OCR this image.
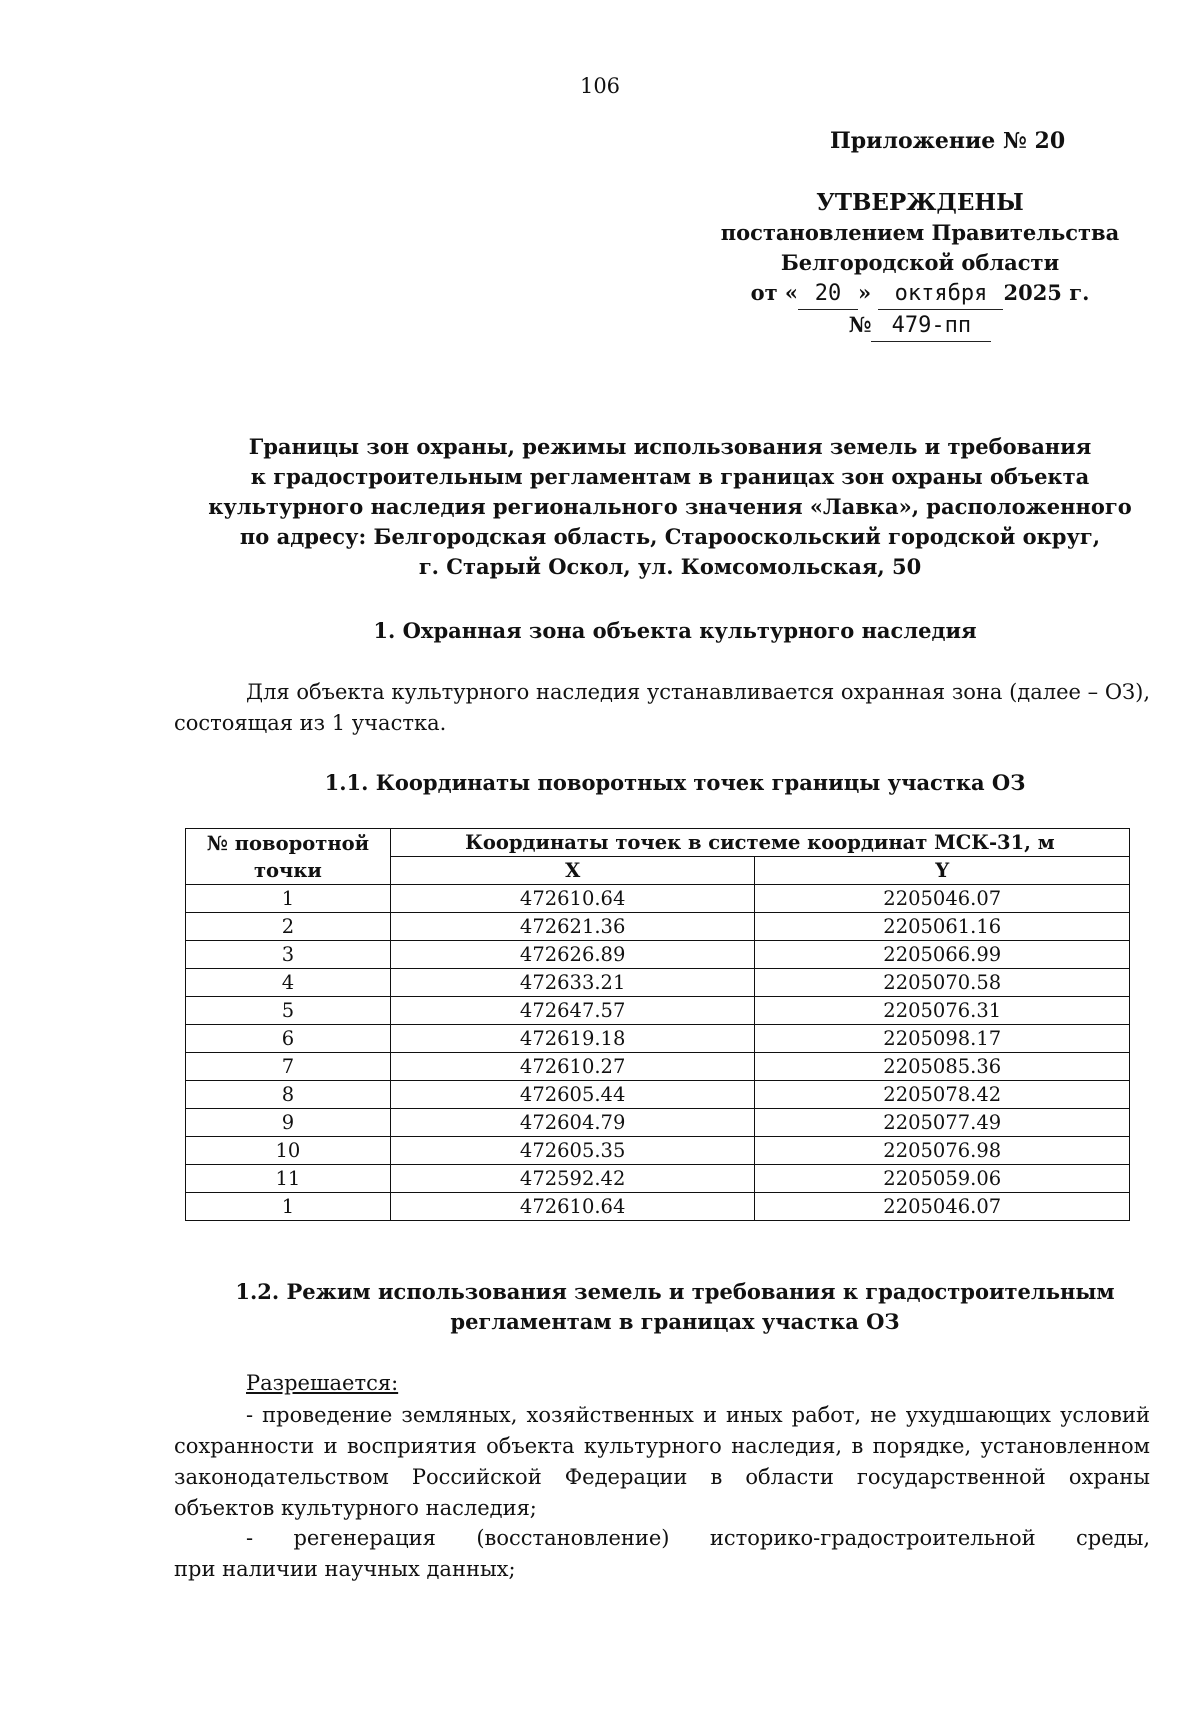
106
Приложение № 20
УТВЕРЖДЕНЫ
постановлением Правительства
Белгородской области
от « 20 » октября 2025 г.
№ 479-пп
Границы зон охраны, режимы использования земель и требования
к градостроительным регламентам в границах зон охраны объекта
культурного наследия регионального значения «Лавка», расположенного
по адресу: Белгородская область, Старооскольский городской округ,
г. Старый Оскол, ул. Комсомольская, 50
1. Охранная зона объекта культурного наследия
Для объекта культурного наследия устанавливается охранная зона (далее – ОЗ),
состоящая из 1 участка.
1.1. Координаты поворотных точек границы участка ОЗ
№ поворотной
точки	Координаты точек в системе координат МСК-31, м	
	X	Y
1	472610.64	2205046.07
2	472621.36	2205061.16
3	472626.89	2205066.99
4	472633.21	2205070.58
5	472647.57	2205076.31
6	472619.18	2205098.17
7	472610.27	2205085.36
8	472605.44	2205078.42
9	472604.79	2205077.49
10	472605.35	2205076.98
11	472592.42	2205059.06
1	472610.64	2205046.07
1.2. Режим использования земель и требования к градостроительным
регламентам в границах участка ОЗ
Разрешается:
- проведение земляных, хозяйственных и иных работ, не ухудшающих условий
сохранности и восприятия объекта культурного наследия, в порядке, установленном
законодательством Российской Федерации в области государственной охраны
объектов культурного наследия;
- регенерация (восстановление) историко-градостроительной среды,
при наличии научных данных;
